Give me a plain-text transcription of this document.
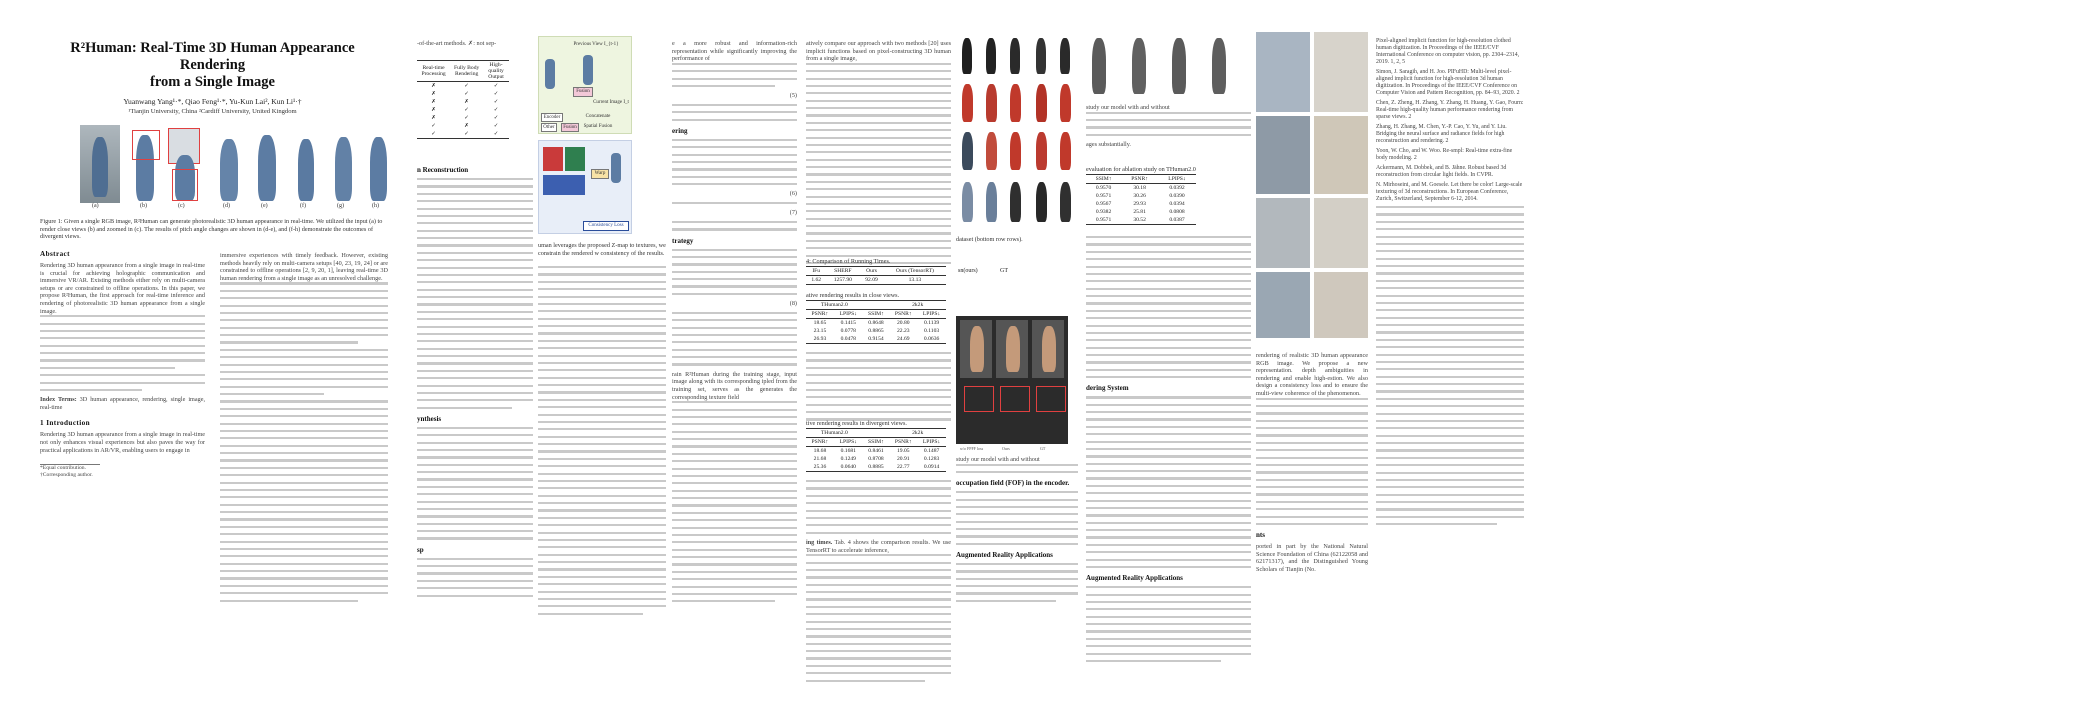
R²Human: Real-Time 3D Human Appearance Rendering
from a Single Image
Yuanwang Yang¹·*, Qiao Feng¹·*, Yu-Kun Lai², Kun Li¹·†
¹Tianjin University, China ²Cardiff University, United Kingdom
(a)	(b)	(c)	(d)	(e)	(f)	(g)	(h)
Figure 1: Given a single RGB image, R²Human can generate photorealistic 3D human appearance in real-time. We utilized the input (a) to render close views (b) and zoomed in (c). The results of pitch angle changes are shown in (d-e), and (f-h) demonstrate the outcomes of divergent views.
Abstract
Rendering 3D human appearance from a single image in real-time is crucial for achieving holographic communication and immersive VR/AR. Existing methods either rely on multi-camera setups or are constrained to offline operations. In this paper, we propose R²Human, the first approach for real-time inference and rendering of photorealistic 3D human appearance from a single image.
Index Terms: 3D human appearance, rendering, single image, real-time
1 Introduction
Rendering 3D human appearance from a single image in real-time not only enhances visual experiences but also paves the way for practical applications in AR/VR, enabling users to engage in
*Equal contribution.
†Corresponding author.
immersive experiences with timely feedback. However, existing methods heavily rely on multi-camera setups [40, 23, 19, 24] or are constrained to offline operations [2, 9, 20, 1], leaving real-time 3D human rendering from a single image as an unresolved challenge.
-of-the-art methods. ✗: not sep-
Real-time Processing	Fully Body Rendering	High-quality Output
✗	✓	✓
✗	✓	✓
✗	✗	✓
✗	✓	✓
✗	✓	✓
✓	✗	✓
✓	✓	✓
n Reconstruction
ynthesis
sp
Previous View I_{t-1}
Fusion
Current Image I_t
Encoder	Concatenate
Other	Fusion	Spatial Fusion
Warp
Consistency Loss
uman leverages the proposed Z-map to textures, we constrain the rendered w consistency of the results.
e a more robust and information-rich representation while significantly improving the performance of
(5)
ering
(6)
(7)
trategy
(8)
rain R²Human during the training stage, input image along with its corresponding ipled from the training set, serves as the generates the corresponding texture field
atively compare our approach with two methods [20] uses implicit functions based on pixel-constructing 3D human from a single image,
4: Comparison of Running Times.
IFu	SHERF	Ours	Ours (TensorRT)
1.62	1257.90	92.09	13.13
ative rendering results in close views.
THuman2.0			2k2k	
PSNR↑	LPIPS↓	SSIM↑	PSNR↑	LPIPS↓
18.65	0.1415	0.8648	20.80	0.1139
23.15	0.0778	0.8865	22.23	0.1103
26.93	0.0478	0.9154	24.69	0.0636
tive rendering results in divergent views.
THuman2.0			2k2k	
PSNR↑	LPIPS↓	SSIM↑	PSNR↑	LPIPS↓
18.68	0.1681	0.8461	19.05	0.1487
21.68	0.1249	0.8708	20.91	0.1283
25.36	0.0640	0.8885	22.77	0.0914
ing times. Tab. 4 shows the comparison results. We use TensorRT to accelerate inference,
sn(ours)	GT
dataset (bottom row rows).
w/o FPFF loss	Ours	GT
study our model with and without
occupation field (FOF) in the encoder.
Augmented Reality Applications
study our model with and without
ages substantially.
evaluation for ablation study on THuman2.0
SSIM↑	PSNR↑	LPIPS↓
0.9570	30.18	0.0392
0.9571	30.26	0.0390
0.9567	29.93	0.0394
0.9382	25.81	0.0808
0.9571	30.52	0.0387
dering System
Augmented Reality Applications
rendering of realistic 3D human appearance RGB image. We propose a new representation. depth ambiguities in rendering and enable high-estion. We also design a consistency loss and to ensure the multi-view coherence of the phenomenon.
nts
ported in part by the National Natural Science Foundation of China (62122058 and 62171317), and the Distinguished Young Scholars of Tianjin (No.
Pixel-aligned implicit function for high-resolution clothed human digitization. In Proceedings of the IEEE/CVF International Conference on computer vision, pp. 2304–2314, 2019. 1, 2, 5
Simon, J. Saragih, and H. Joo. PIFuHD: Multi-level pixel-aligned implicit function for high-resolution 3d human digitization. In Proceedings of the IEEE/CVF Conference on Computer Vision and Pattern Recognition, pp. 84–93, 2020. 2
Chen, Z. Zheng, H. Zhang, Y. Zhang, H. Huang, Y. Gao, Fourn: Real-time high-quality human performance rendering from sparse views. 2
Zhang, H. Zhang, M. Chen, Y.-P. Cao, Y. Yu, and Y. Liu. Bridging the neural surface and radiance fields for high reconstruction and rendering. 2
Yoon, W. Cho, and W. Woo. Re-smpl: Real-time extra-fine body modeling. 2
Ackermann, M. Dobbek, and B. Jähne. Robust based 3d reconstruction from circular light fields. In CVPR.
N. Mirhoseini, and M. Goesele. Let there be color! Large-scale texturing of 3d reconstructions. In European Conference, Zurich, Switzerland, September 6-12, 2014.
